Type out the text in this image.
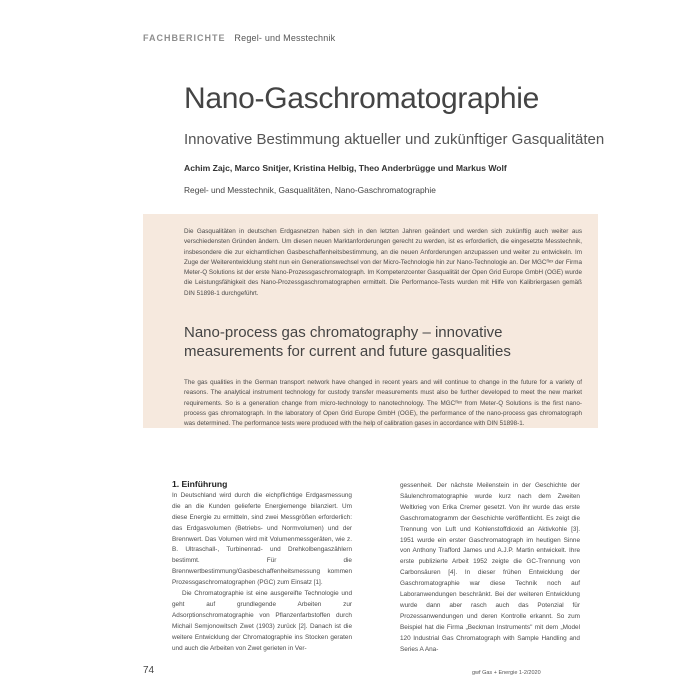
FACHBERICHTE Regel- und Messtechnik
Nano-Gaschromatographie
Innovative Bestimmung aktueller und zukünftiger Gasqualitäten
Achim Zajc, Marco Snitjer, Kristina Helbig, Theo Anderbrügge und Markus Wolf
Regel- und Messtechnik, Gasqualitäten, Nano-Gaschromatographie
Die Gasqualitäten in deutschen Erdgasnetzen haben sich in den letzten Jahren geändert und werden sich zukünftig auch weiter aus verschiedensten Gründen ändern. Um diesen neuen Marktanforderungen gerecht zu werden, ist es erforderlich, die eingesetzte Messtechnik, insbesondere die zur eichamtlichen Gasbeschaffenheitsbestimmung, an die neuen Anforderungen anzupassen und weiter zu entwickeln. Im Zuge der Weiterentwicklung steht nun ein Generationswechsel von der Micro-Technologie hin zur Nano-Technologie an. Der MGCᶠˡᵉˣ der Firma Meter-Q Solutions ist der erste Nano-Prozessgaschromatograph. Im Kompetenzcenter Gasqualität der Open Grid Europe GmbH (OGE) wurde die Leistungsfähigkeit des Nano-Prozessgaschromatographen ermittelt. Die Performance-Tests wurden mit Hilfe von Kalibriergasen gemäß DIN 51898-1 durchgeführt.
Nano-process gas chromatography – innovative measurements for current and future gasqualities
The gas qualities in the German transport network have changed in recent years and will continue to change in the future for a variety of reasons. The analytical instrument technology for custody transfer measurements must also be further developed to meet the new market requirements. So is a generation change from micro-technology to nanotechnology. The MGCᶠˡᵉˣ from Meter-Q Solutions is the first nano-process gas chromatograph. In the laboratory of Open Grid Europe GmbH (OGE), the performance of the nano-process gas chromatograph was determined. The performance tests were produced with the help of calibration gases in accordance with DIN 51898-1.
1. Einführung

In Deutschland wird durch die eichpflichtige Erdgasmessung die an die Kunden gelieferte Energiemenge bilanziert. Um diese Energie zu ermitteln, sind zwei Messgrößen erforderlich: das Erdgasvolumen (Betriebs- und Normvolumen) und der Brennwert. Das Volumen wird mit Volumenmessgeräten, wie z. B. Ultraschall-, Turbinenrad- und Drehkolbengaszählern bestimmt. Für die Brennwertbestimmung/Gasbeschaffenheitsmessung kommen Prozessgaschromatographen (PGC) zum Einsatz [1].

Die Chromatographie ist eine ausgereifte Technologie und geht auf grundlegende Arbeiten zur Adsorptionschromatographie von Pflanzenfarbstoffen durch Michail Semjonowitsch Zwet (1903) zurück [2]. Danach ist die weitere Entwicklung der Chromatographie ins Stocken geraten und auch die Arbeiten von Zwet gerieten in Ver-

gessenheit. Der nächste Meilenstein in der Geschichte der Säulenchromatographie wurde kurz nach dem Zweiten Weltkrieg von Erika Cremer gesetzt. Von ihr wurde das erste Gaschromatogramm der Geschichte veröffentlicht. Es zeigt die Trennung von Luft und Kohlenstoffdioxid an Aktivkohle [3]. 1951 wurde ein erster Gaschromatograph im heutigen Sinne von Anthony Trafford James und A.J.P. Martin entwickelt. Ihre erste publizierte Arbeit 1952 zeigte die GC-Trennung von Carbonsäuren [4]. In dieser frühen Entwicklung der Gaschromatographie war diese Technik noch auf Laboranwendungen beschränkt. Bei der weiteren Entwicklung wurde dann aber rasch auch das Potenzial für Prozessanwendungen und deren Kontrolle erkannt. So zum Beispiel hat die Firma „Beckman Instruments" mit dem „Model 120 Industrial Gas Chromatograph with Sample Handling and Series A Ana-

74	gwf Gas + Energie 1-2/2020
